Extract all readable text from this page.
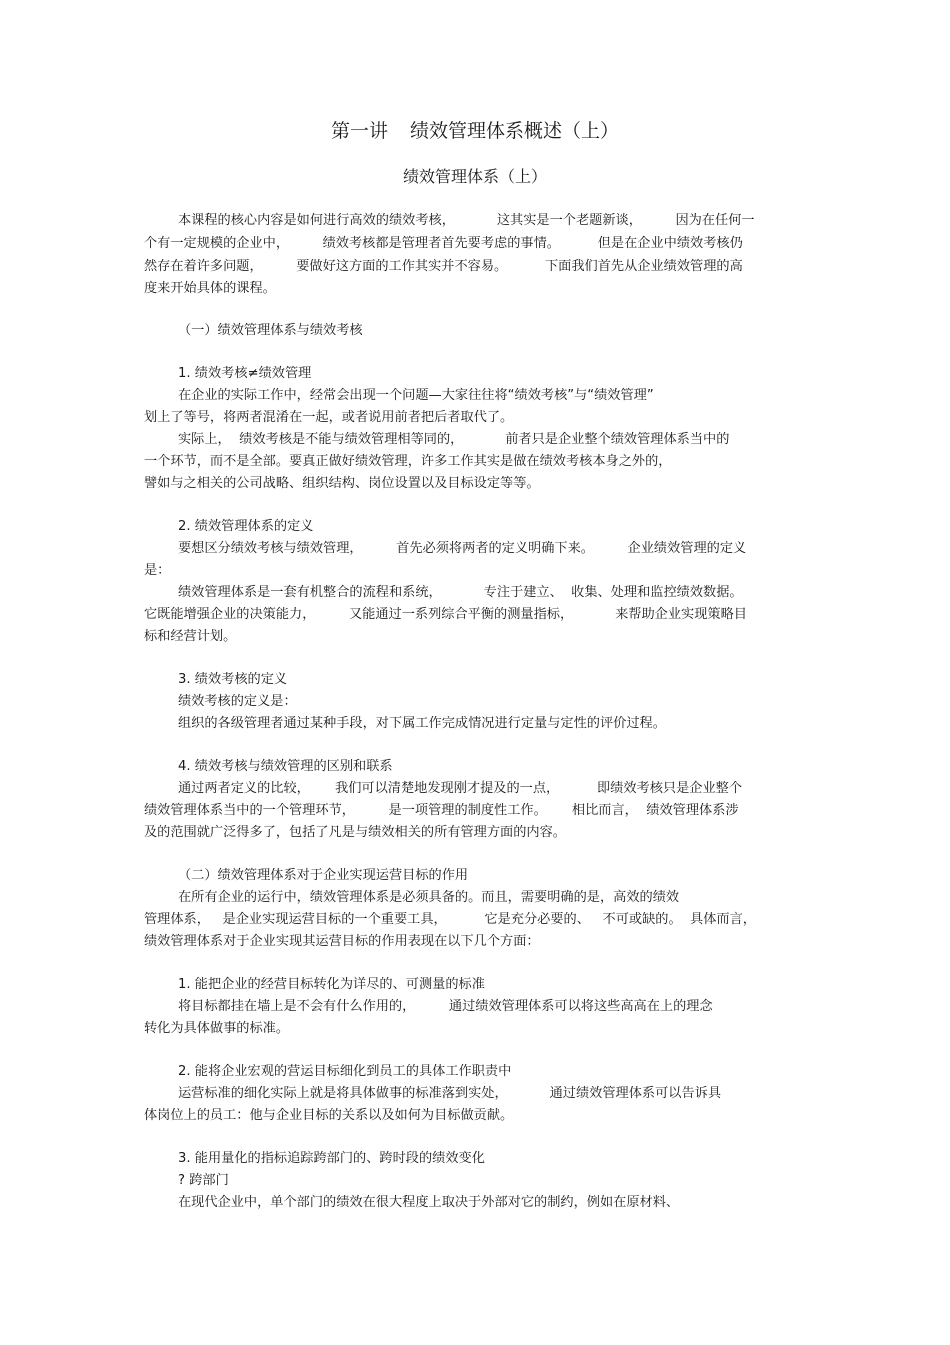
第一讲 绩效管理体系概述（上）
绩效管理体系（上）

本课程的核心内容是如何进行高效的绩效考核，          这其实是一个老题新谈，        因为在任何一

个有一定规模的企业中，        绩效考核都是管理者首先要考虑的事情。         但是在企业中绩效考核仍

然存在着许多问题，        要做好这方面的工作其实并不容易。         下面我们首先从企业绩效管理的高

度来开始具体的课程。

（一）绩效管理体系与绩效考核

1. 绩效考核≠绩效管理

在企业的实际工作中，经常会出现一个问题—大家往往将“绩效考核”与“绩效管理”

划上了等号，将两者混淆在一起，或者说用前者把后者取代了。

实际上，  绩效考核是不能与绩效管理相等同的，          前者只是企业整个绩效管理体系当中的

一个环节，而不是全部。要真正做好绩效管理，许多工作其实是做在绩效考核本身之外的，

譬如与之相关的公司战略、组织结构、岗位设置以及目标设定等等。

2. 绩效管理体系的定义

要想区分绩效考核与绩效管理，        首先必须将两者的定义明确下来。        企业绩效管理的定义

是：

绩效管理体系是一套有机整合的流程和系统，          专注于建立、  收集、处理和监控绩效数据。

它既能增强企业的决策能力，        又能通过一系列综合平衡的测量指标，          来帮助企业实现策略目

标和经营计划。

3. 绩效考核的定义

绩效考核的定义是：

组织的各级管理者通过某种手段，对下属工作完成情况进行定量与定性的评价过程。

4. 绩效考核与绩效管理的区别和联系

通过两者定义的比较，      我们可以清楚地发现刚才提及的一点，         即绩效考核只是企业整个

绩效管理体系当中的一个管理环节，        是一项管理的制度性工作。      相比而言，  绩效管理体系涉

及的范围就广泛得多了，包括了凡是与绩效相关的所有管理方面的内容。

（二）绩效管理体系对于企业实现运营目标的作用

在所有企业的运行中，绩效管理体系是必须具备的。而且，需要明确的是，高效的绩效

管理体系，   是企业实现运营目标的一个重要工具，         它是充分必要的、   不可或缺的。  具体而言，

绩效管理体系对于企业实现其运营目标的作用表现在以下几个方面：

1. 能把企业的经营目标转化为详尽的、可测量的标准

将目标都挂在墙上是不会有什么作用的，        通过绩效管理体系可以将这些高高在上的理念

转化为具体做事的标准。

2. 能将企业宏观的营运目标细化到员工的具体工作职责中

运营标准的细化实际上就是将具体做事的标准落到实处，          通过绩效管理体系可以告诉具

体岗位上的员工：他与企业目标的关系以及如何为目标做贡献。

3. 能用量化的指标追踪跨部门的、跨时段的绩效变化

? 跨部门

在现代企业中，单个部门的绩效在很大程度上取决于外部对它的制约，例如在原材料、
